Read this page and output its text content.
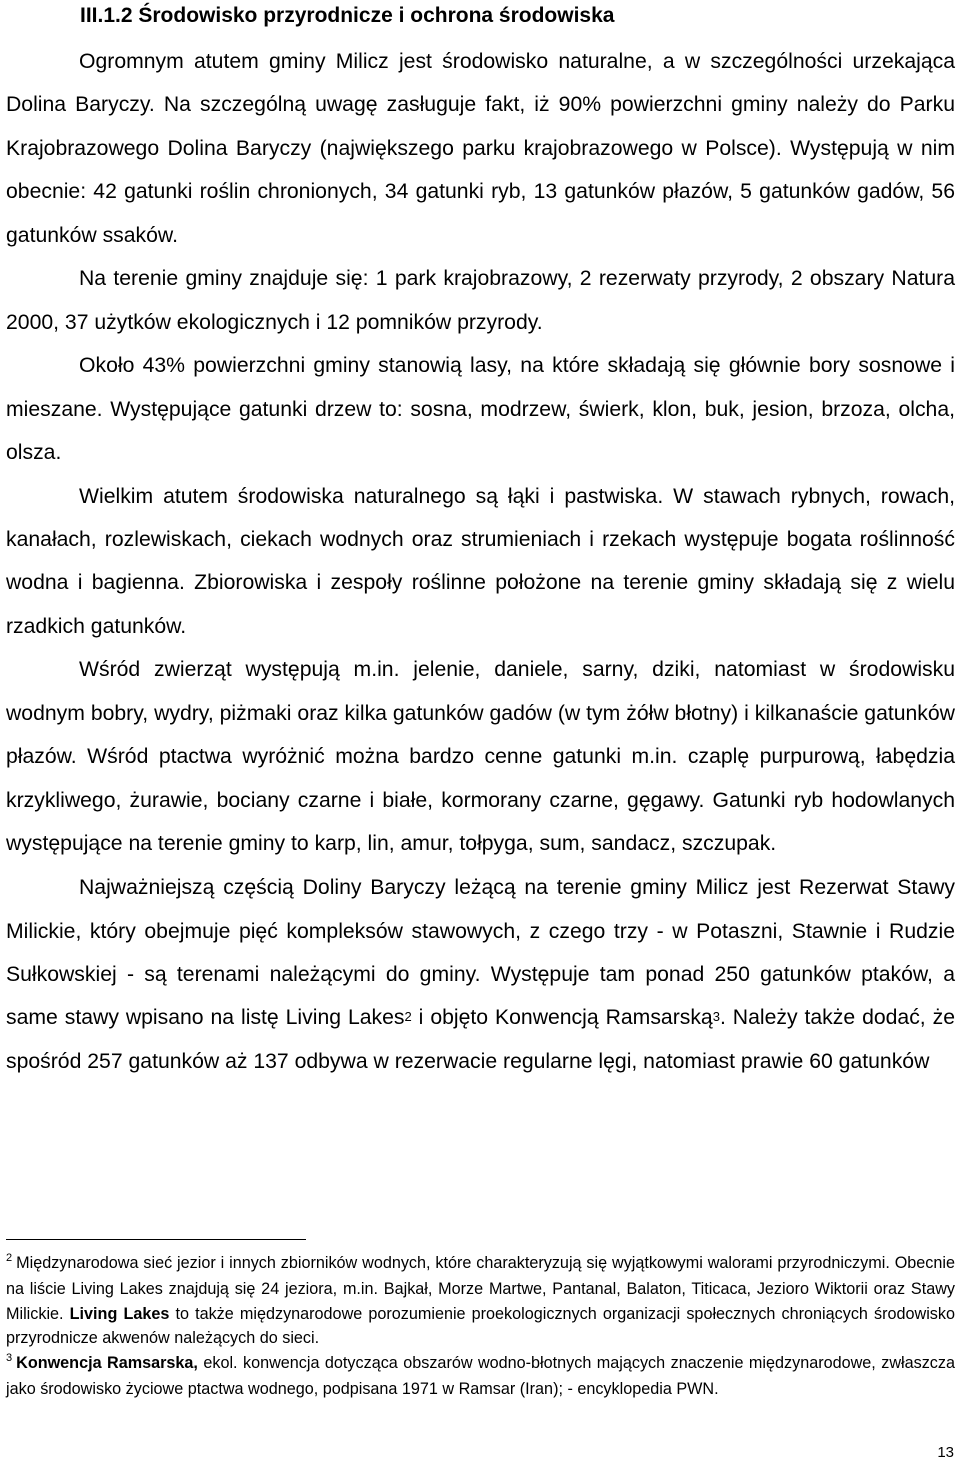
III.1.2 Środowisko przyrodnicze i ochrona środowiska

Ogromnym atutem gminy Milicz jest środowisko naturalne, a w szczególności urzekająca Dolina Baryczy. Na szczególną uwagę zasługuje fakt, iż 90% powierzchni gminy należy do Parku Krajobrazowego Dolina Baryczy (największego parku krajobrazowego w Polsce). Występują w nim obecnie: 42 gatunki roślin chronionych, 34 gatunki ryb, 13 gatunków płazów, 5 gatunków gadów, 56 gatunków ssaków.

Na terenie gminy znajduje się: 1 park krajobrazowy, 2 rezerwaty przyrody, 2 obszary Natura 2000, 37 użytków ekologicznych i 12 pomników przyrody.

Około 43% powierzchni gminy stanowią lasy, na które składają się głównie bory sosnowe i mieszane. Występujące gatunki drzew to: sosna, modrzew, świerk, klon, buk, jesion, brzoza, olcha, olsza.

Wielkim atutem środowiska naturalnego są łąki i pastwiska. W stawach rybnych, rowach, kanałach, rozlewiskach, ciekach wodnych oraz strumieniach i rzekach występuje bogata roślinność wodna i bagienna. Zbiorowiska i zespoły roślinne położone na terenie gminy składają się z wielu rzadkich gatunków.

Wśród zwierząt występują m.in. jelenie, daniele, sarny, dziki, natomiast w środowisku wodnym bobry, wydry, piżmaki oraz kilka gatunków gadów (w tym żółw błotny) i kilkanaście gatunków płazów. Wśród ptactwa wyróżnić można bardzo cenne gatunki m.in. czaplę purpurową, łabędzia krzykliwego, żurawie, bociany czarne i białe, kormorany czarne, gęgawy. Gatunki ryb hodowlanych występujące na terenie gminy to karp, lin, amur, tołpyga, sum, sandacz, szczupak.

Najważniejszą częścią Doliny Baryczy leżącą na terenie gminy Milicz jest Rezerwat Stawy Milickie, który obejmuje pięć kompleksów stawowych, z czego trzy - w Potaszni, Stawnie i Rudzie Sułkowskiej - są terenami należącymi do gminy. Występuje tam ponad 250 gatunków ptaków, a same stawy wpisano na listę Living Lakes$^2$ i objęto Konwencją Ramsarską$^3$. Należy także dodać, że spośród 257 gatunków aż 137 odbywa w rezerwacie regularne lęgi, natomiast prawie 60 gatunków

$^2$ Międzynarodowa sieć jezior i innych zbiorników wodnych, które charakteryzują się wyjątkowymi walorami przyrodniczymi. Obecnie na liście Living Lakes znajdują się 24 jeziora, m.in. Bajkał, Morze Martwe, Pantanal, Balaton, Titicaca, Jezioro Wiktorii oraz Stawy Milickie. Living Lakes to także międzynarodowe porozumienie proekologicznych organizacji społecznych chroniących środowisko przyrodnicze akwenów należących do sieci.

$^3$ Konwencja Ramsarska, ekol. konwencja dotycząca obszarów wodno-błotnych mających znaczenie międzynarodowe, zwłaszcza jako środowisko życiowe ptactwa wodnego, podpisana 1971 w Ramsar (Iran); - encyklopedia PWN.

13
